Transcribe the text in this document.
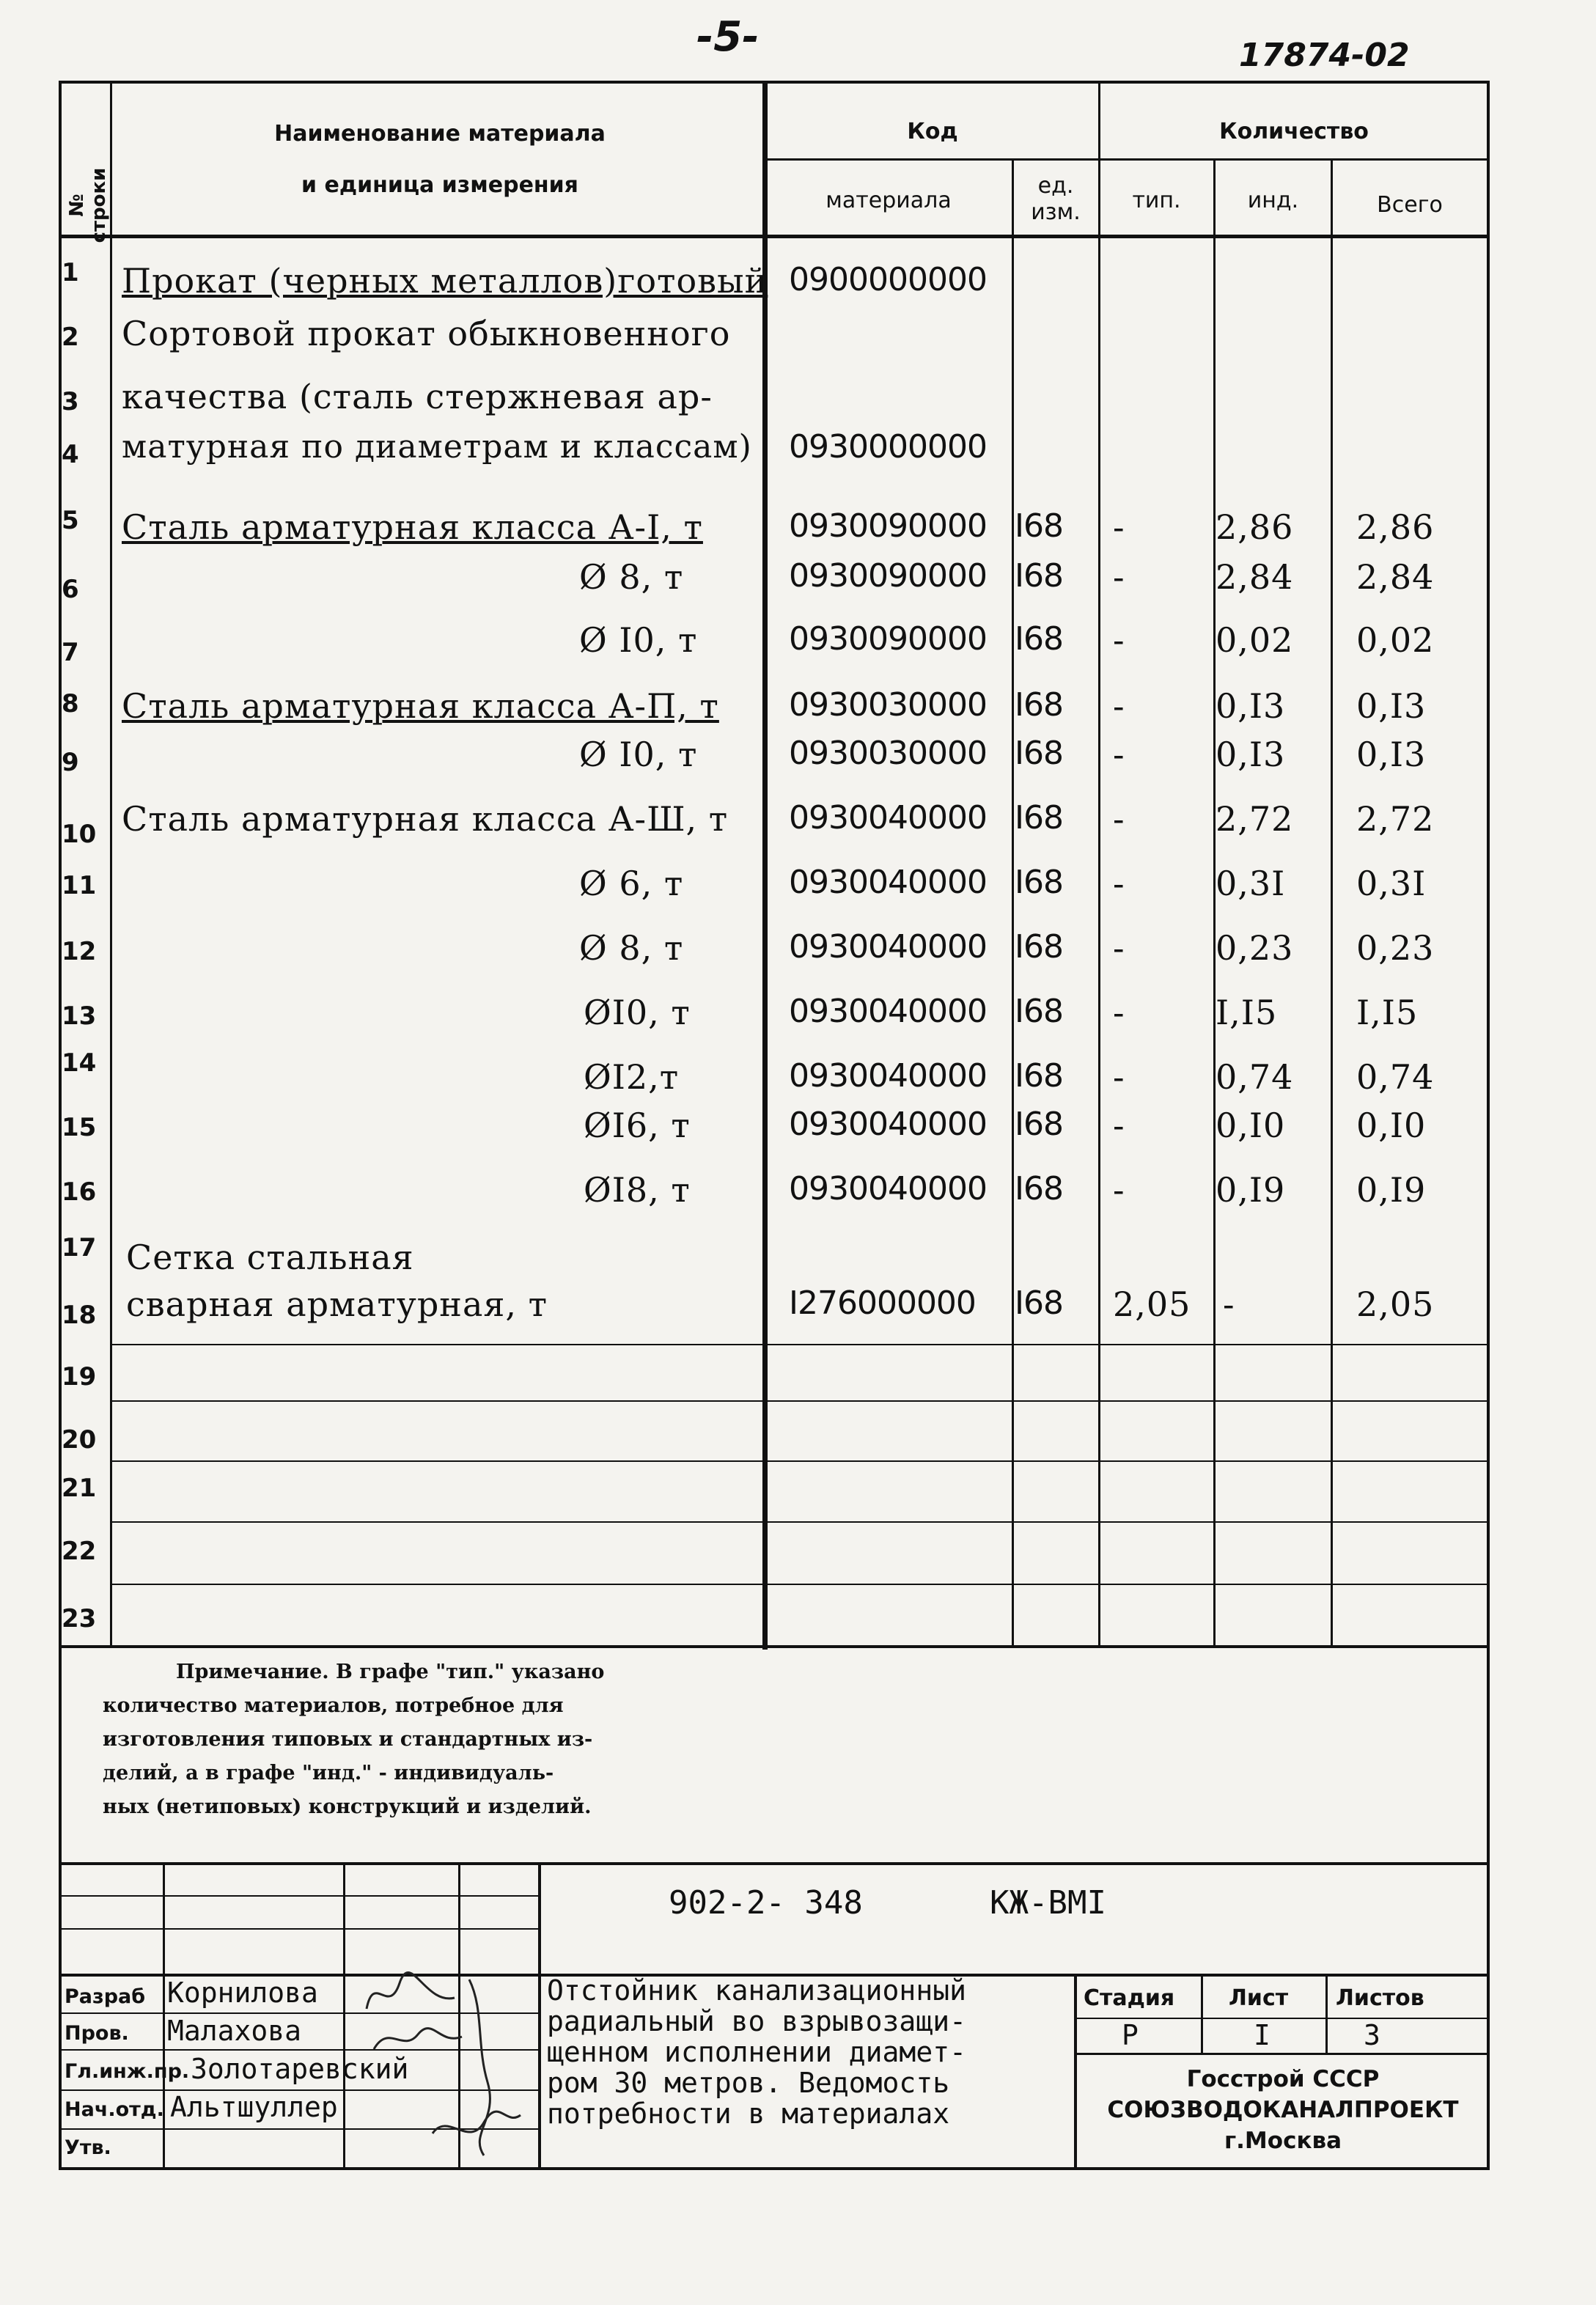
-5-	17874-02
№ строки
Наименование материала
и единица измерения
Код
материала
ед. изм.
Количество
тип.	инд.	Всего
1	Прокат (черных металлов)готовый 0900000000
2	Сортовой прокат обыкновенного
3	качества (сталь стержневая ар-
4	матурная по диаметрам и классам) 0930000000
5	Сталь арматурная класса А-I, т	0930090000 I68 -	2,86 2,86
6	Ø 8, т	0930090000 I68 -	2,84 2,84
7	Ø I0, т	0930090000 I68 -	0,02 0,02
8	Сталь арматурная класса А-П, т 0930030000 I68 -	0,I3 0,I3
9	Ø I0, т	0930030000 I68 -	0,I3 0,I3
10 Сталь арматурная класса А-Ш, т 0930040000 I68 -	2,72 2,72
11	Ø 6, т	0930040000 I68 -	0,3I 0,3I
12	Ø 8, т	0930040000 I68 -	0,23 0,23
13	ØI0, т	0930040000 I68 -	I,I5 I,I5
14	ØI2,т	0930040000 I68 -	0,74 0,74
15	ØI6, т	0930040000 I68 -	0,I0 0,I0
16	ØI8, т	0930040000 I68 -	0,I9 0,I9
17 Сетка стальная
18 сварная арматурная, т	I276000000 I68 2,05 -	2,05
19
20
21
22
23

Примечание. В графе "тип." указано

количество материалов, потребное для

изготовления типовых и стандартных из-

делий, а в графе "инд." - индивидуаль-

ных (нетиповых) конструкций и изделий.

902-2- 348	КЖ-ВМI
Разраб Корнилова
Пров. Малахова
Гл.инж.пр. Золотаревский
Нач.отд. Альтшуллер
Утв.
Отстойник канализационный
радиальный во взрывозащи-
щенном исполнении диамет-
ром 30 метров. Ведомость
потребности в материалах
Стадия Лист Листов
Р	I	3
Госстрой СССР
СОЮЗВОДОКАНАЛПРОЕКТ
г.Москва
